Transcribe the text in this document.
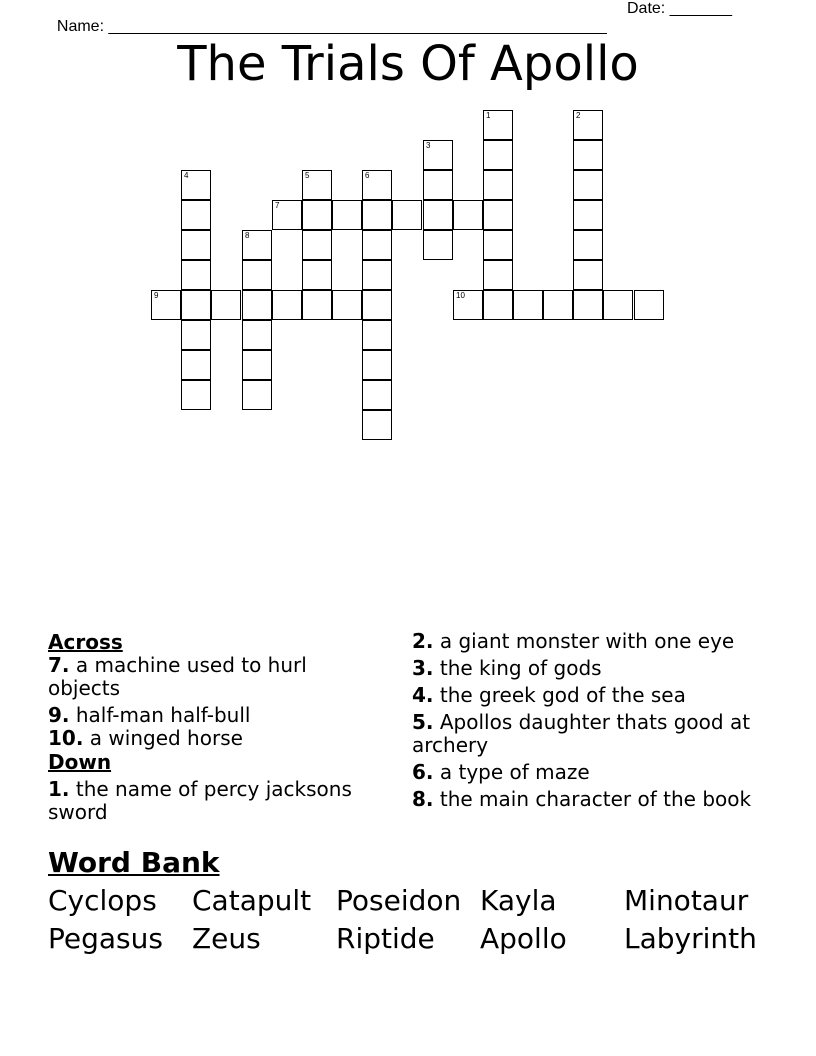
Name: ________________________________________________________

Date: _______

The Trials Of Apollo
1	2
3
4	5	6
7
8
9	10
Across
7. a machine used to hurl objects
9. half-man half-bull
10. a winged horse
Down
1. the name of percy jacksons sword
2. a giant monster with one eye
3. the king of gods
4. the greek god of the sea
5. Apollos daughter thats good at archery
6. a type of maze
8. the main character of the book
Word Bank
Cyclops	Catapult Poseidon Kayla	Minotaur
Pegasus	Zeus	Riptide	Apollo	Labyrinth
